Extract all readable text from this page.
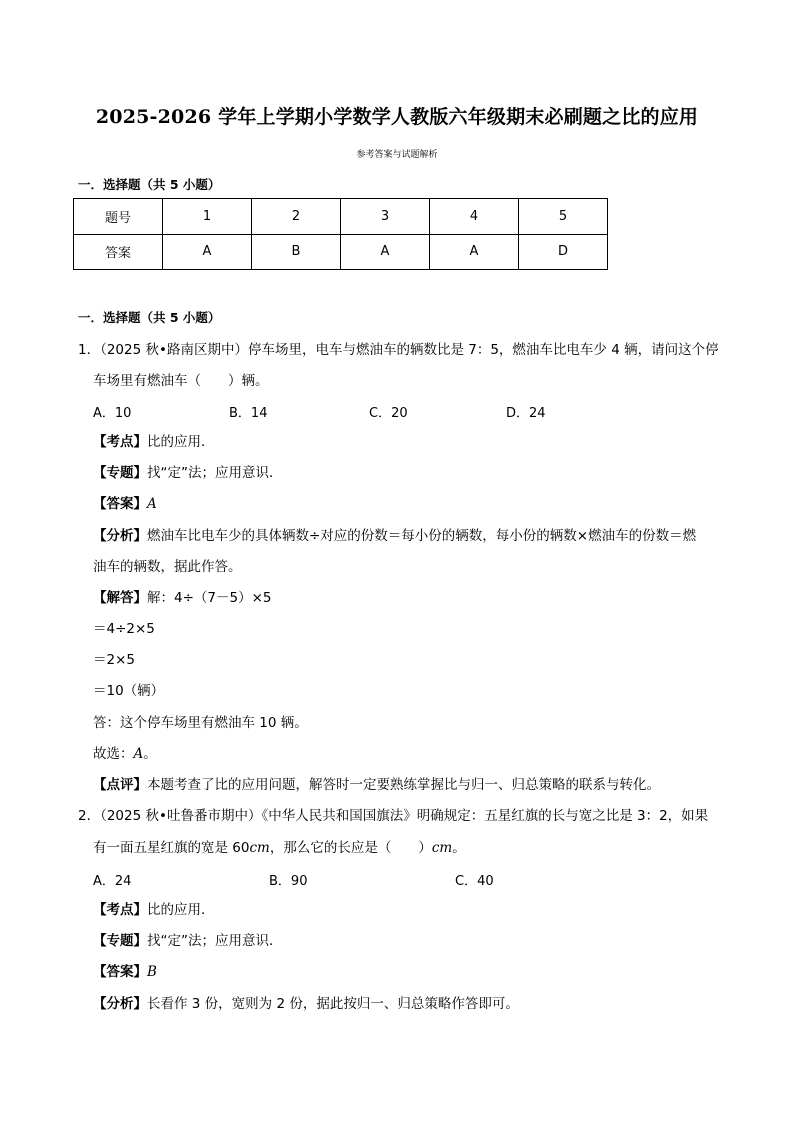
2025-2026 学年上学期小学数学人教版六年级期末必刷题之比的应用
参考答案与试题解析
一．选择题（共 5 小题）
题号	1	2	3	4	5
答案	A	B	A	A	D
一．选择题（共 5 小题）
1．（2025 秋•路南区期中）停车场里，电车与燃油车的辆数比是 7：5，燃油车比电车少 4 辆，请问这个停
车场里有燃油车（　　）辆。
A．10	B．14	C．20	D．24
【考点】比的应用．
【专题】找“定”法；应用意识．
【答案】A
【分析】燃油车比电车少的具体辆数÷对应的份数＝每小份的辆数，每小份的辆数×燃油车的份数＝燃
油车的辆数，据此作答。
【解答】解：4÷（7－5）×5
＝4÷2×5
＝2×5
＝10（辆）
答：这个停车场里有燃油车 10 辆。
故选：A。
【点评】本题考查了比的应用问题，解答时一定要熟练掌握比与归一、归总策略的联系与转化。
2．（2025 秋•吐鲁番市期中）《中华人民共和国国旗法》明确规定：五星红旗的长与宽之比是 3：2，如果
有一面五星红旗的宽是 60cm，那么它的长应是（　　）cm。
A．24	B．90	C．40
【考点】比的应用．
【专题】找“定”法；应用意识．
【答案】B
【分析】长看作 3 份，宽则为 2 份，据此按归一、归总策略作答即可。
